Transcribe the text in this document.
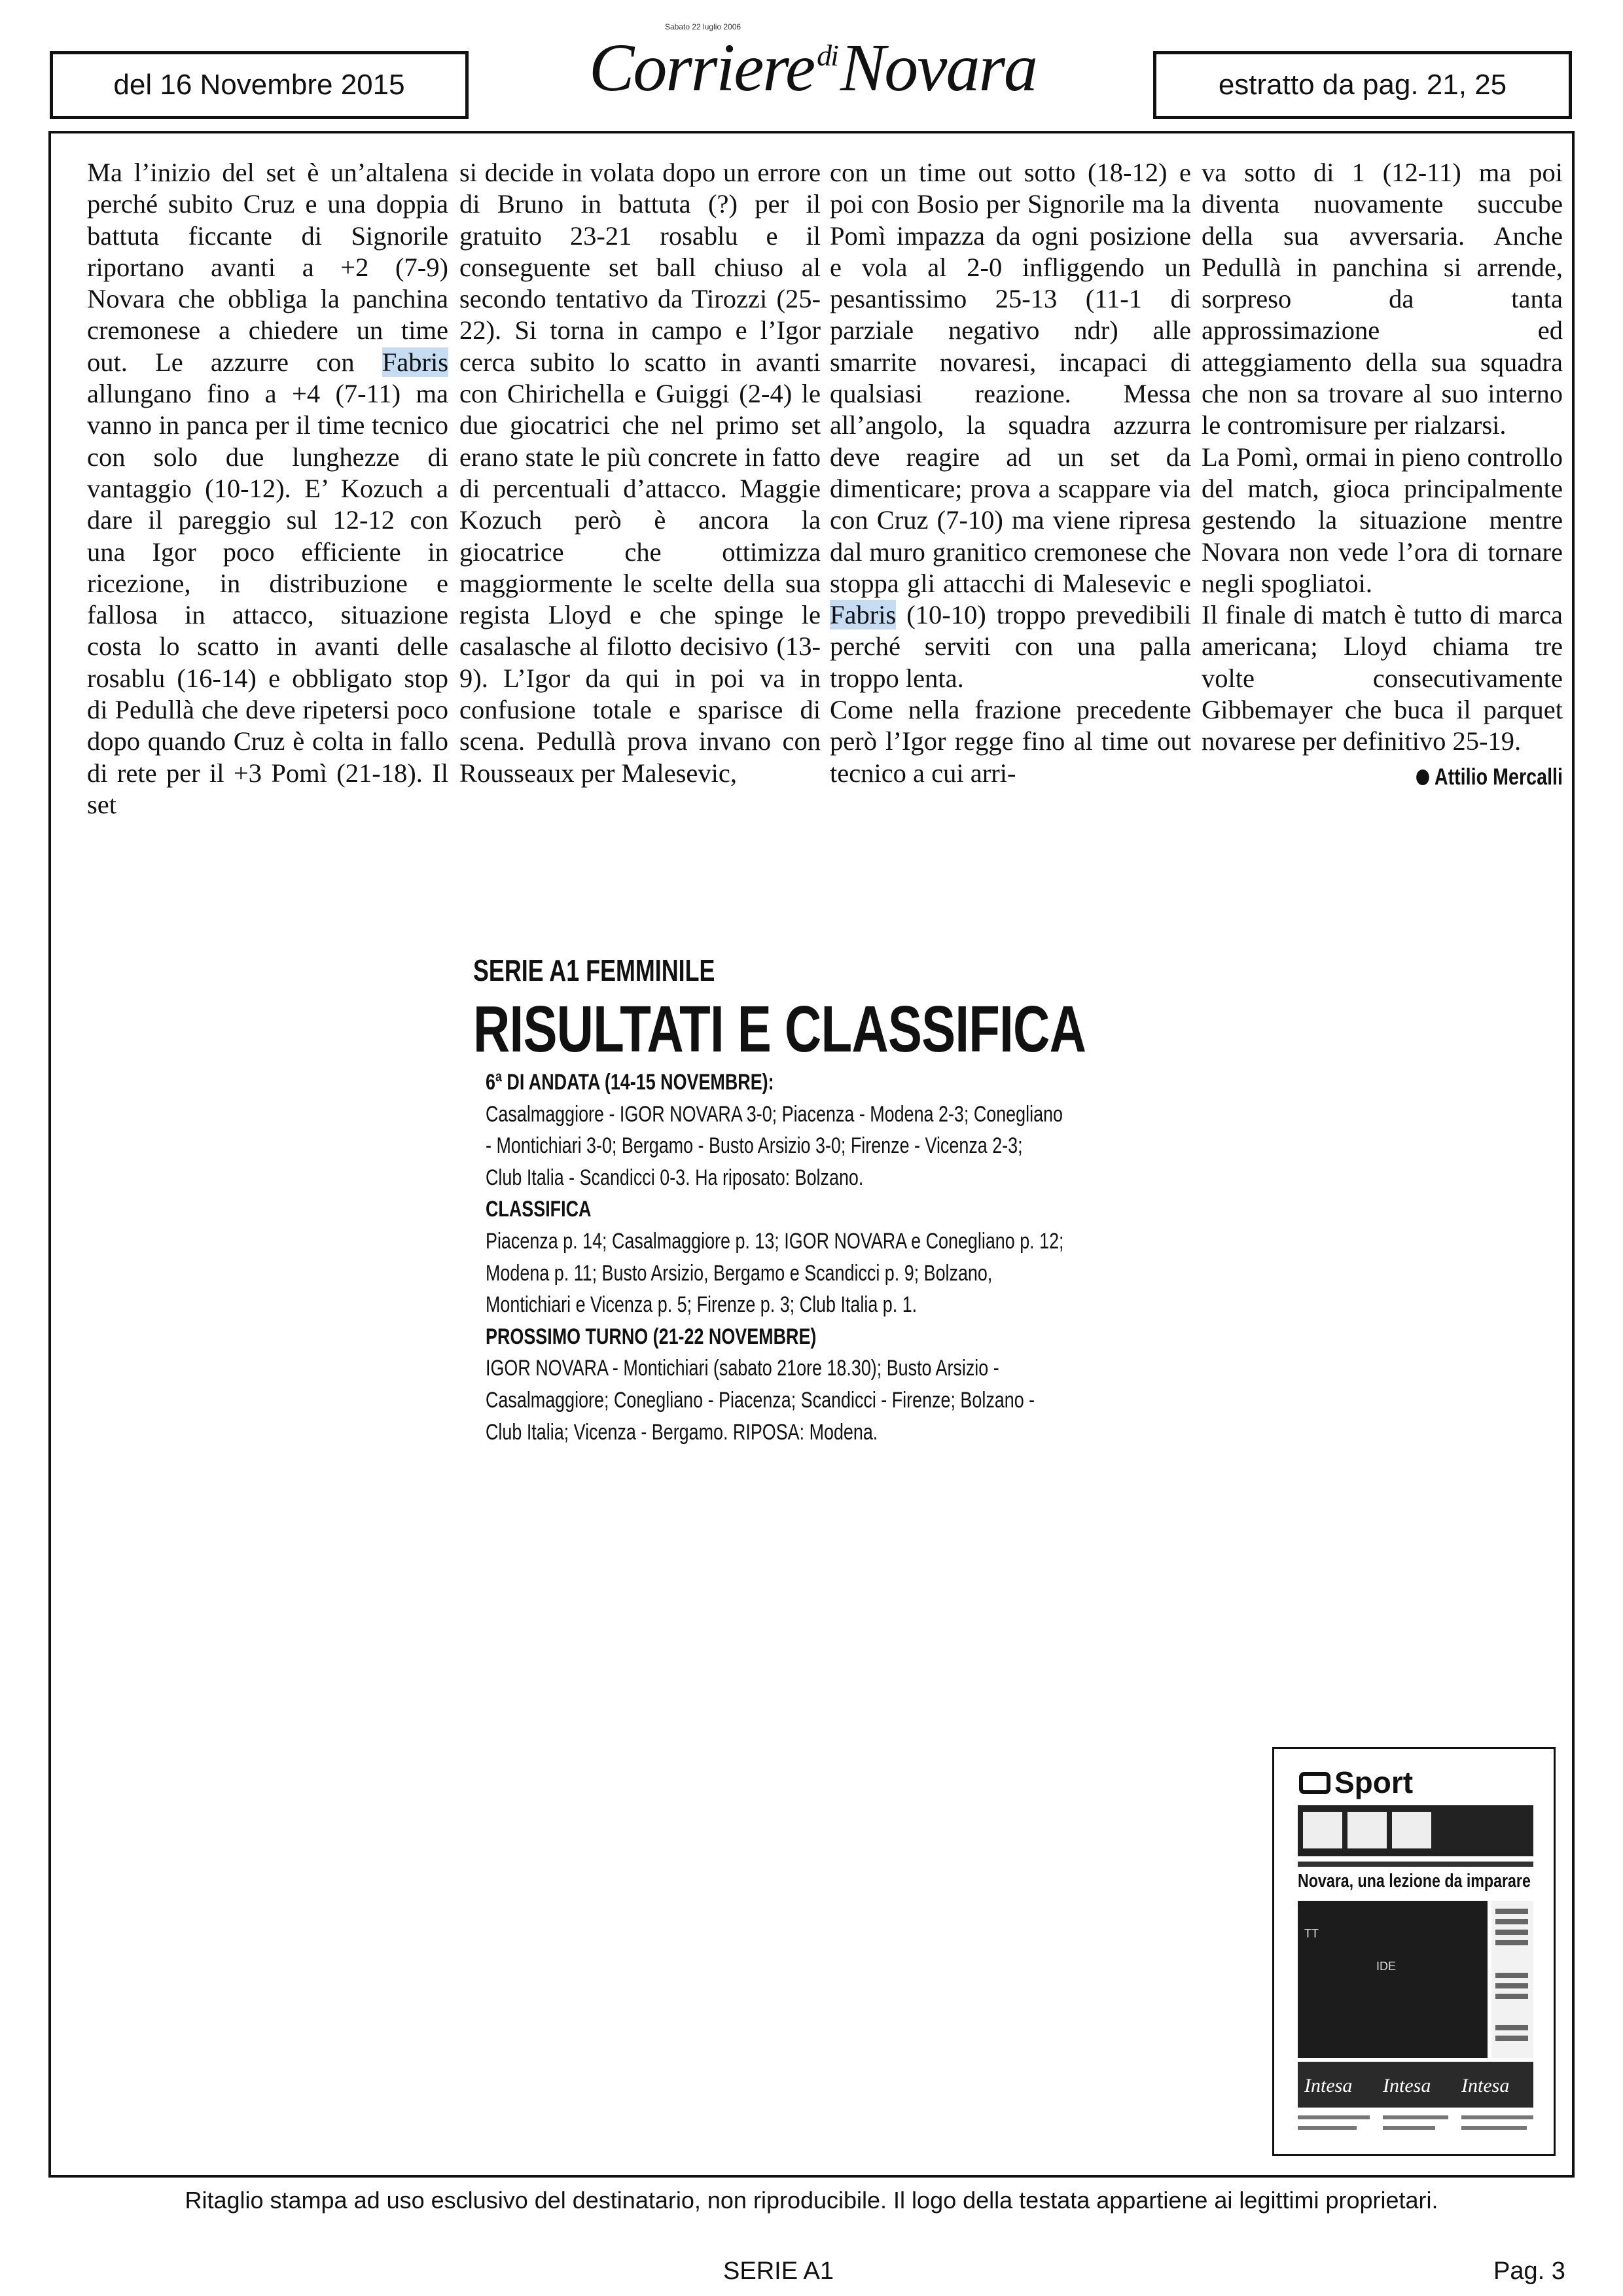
del 16 Novembre 2015
Sabato 22 luglio 2006
Corriere$^{di}$Novara	estratto da pag. 21, 25

Ma l’inizio del set è un’altalena perché subito Cruz e una doppia battuta ficcante di Signorile riportano avanti a +2 (7-9) Novara che obbliga la panchina cremonese a chiedere un time out. Le azzurre con Fabris allungano fino a +4 (7-11) ma vanno in panca per il time tecnico con solo due lunghezze di vantaggio (10-12). E’ Kozuch a dare il pareggio sul 12-12 con una Igor poco efficiente in ricezione, in distribuzione e fallosa in attacco, situazione costa lo scatto in avanti delle rosablu (16-14) e obbligato stop di Pedullà che deve ripetersi poco dopo quando Cruz è colta in fallo di rete per il +3 Pomì (21-18). Il set

si decide in volata dopo un errore di Bruno in battuta (?) per il gratuito 23-21 rosablu e il conseguente set ball chiuso al secondo tentativo da Tirozzi (25-22). Si torna in campo e l’Igor cerca subito lo scatto in avanti con Chirichella e Guiggi (2-4) le due giocatrici che nel primo set erano state le più concrete in fatto di percentuali d’attacco. Maggie Kozuch però è ancora la giocatrice che ottimizza maggiormente le scelte della sua regista Lloyd e che spinge le casalasche al filotto decisivo (13-9). L’Igor da qui in poi va in confusione totale e sparisce di scena. Pedullà prova invano con Rousseaux per Malesevic,

con un time out sotto (18-12) e poi con Bosio per Signorile ma la Pomì impazza da ogni posizione e vola al 2-0 infliggendo un pesantissimo 25-13 (11-1 di parziale negativo ndr) alle smarrite novaresi, incapaci di qualsiasi reazione. Messa all’angolo, la squadra azzurra deve reagire ad un set da dimenticare; prova a scappare via con Cruz (7-10) ma viene ripresa dal muro granitico cremonese che stoppa gli attacchi di Malesevic e Fabris (10-10) troppo prevedibili perché serviti con una palla troppo lenta.

Come nella frazione precedente però l’Igor regge fino al time out tecnico a cui arri-

va sotto di 1 (12-11) ma poi diventa nuovamente succube della sua avversaria. Anche Pedullà in panchina si arrende, sorpreso da tanta approssimazione ed atteggiamento della sua squadra che non sa trovare al suo interno le contromisure per rialzarsi.

La Pomì, ormai in pieno controllo del match, gioca principalmente gestendo la situazione mentre Novara non vede l’ora di tornare negli spogliatoi.

Il finale di match è tutto di marca americana; Lloyd chiama tre volte consecutivamente Gibbemayer che buca il parquet novarese per definitivo 25-19.

Attilio Mercalli
SERIE A1 FEMMINILE
RISULTATI E CLASSIFICA
6ª DI ANDATA (14-15 NOVEMBRE):
Casalmaggiore - IGOR NOVARA 3-0; Piacenza - Modena 2-3; Conegliano
- Montichiari 3-0; Bergamo - Busto Arsizio 3-0; Firenze - Vicenza 2-3;
Club Italia - Scandicci 0-3. Ha riposato: Bolzano.
CLASSIFICA
Piacenza p. 14; Casalmaggiore p. 13; IGOR NOVARA e Conegliano p. 12;
Modena p. 11; Busto Arsizio, Bergamo e Scandicci p. 9; Bolzano,
Montichiari e Vicenza p. 5; Firenze p. 3; Club Italia p. 1.
PROSSIMO TURNO (21-22 NOVEMBRE)
IGOR NOVARA - Montichiari (sabato 21ore 18.30); Busto Arsizio -
Casalmaggiore; Conegliano - Piacenza; Scandicci - Firenze; Bolzano -
Club Italia; Vicenza - Bergamo. RIPOSA: Modena.
Sport
Novara, una lezione da imparare
TT
IDE
Intesa Intesa Intesa
Ritaglio stampa ad uso esclusivo del destinatario, non riproducibile. Il logo della testata appartiene ai legittimi proprietari.
SERIE A1	Pag. 3
